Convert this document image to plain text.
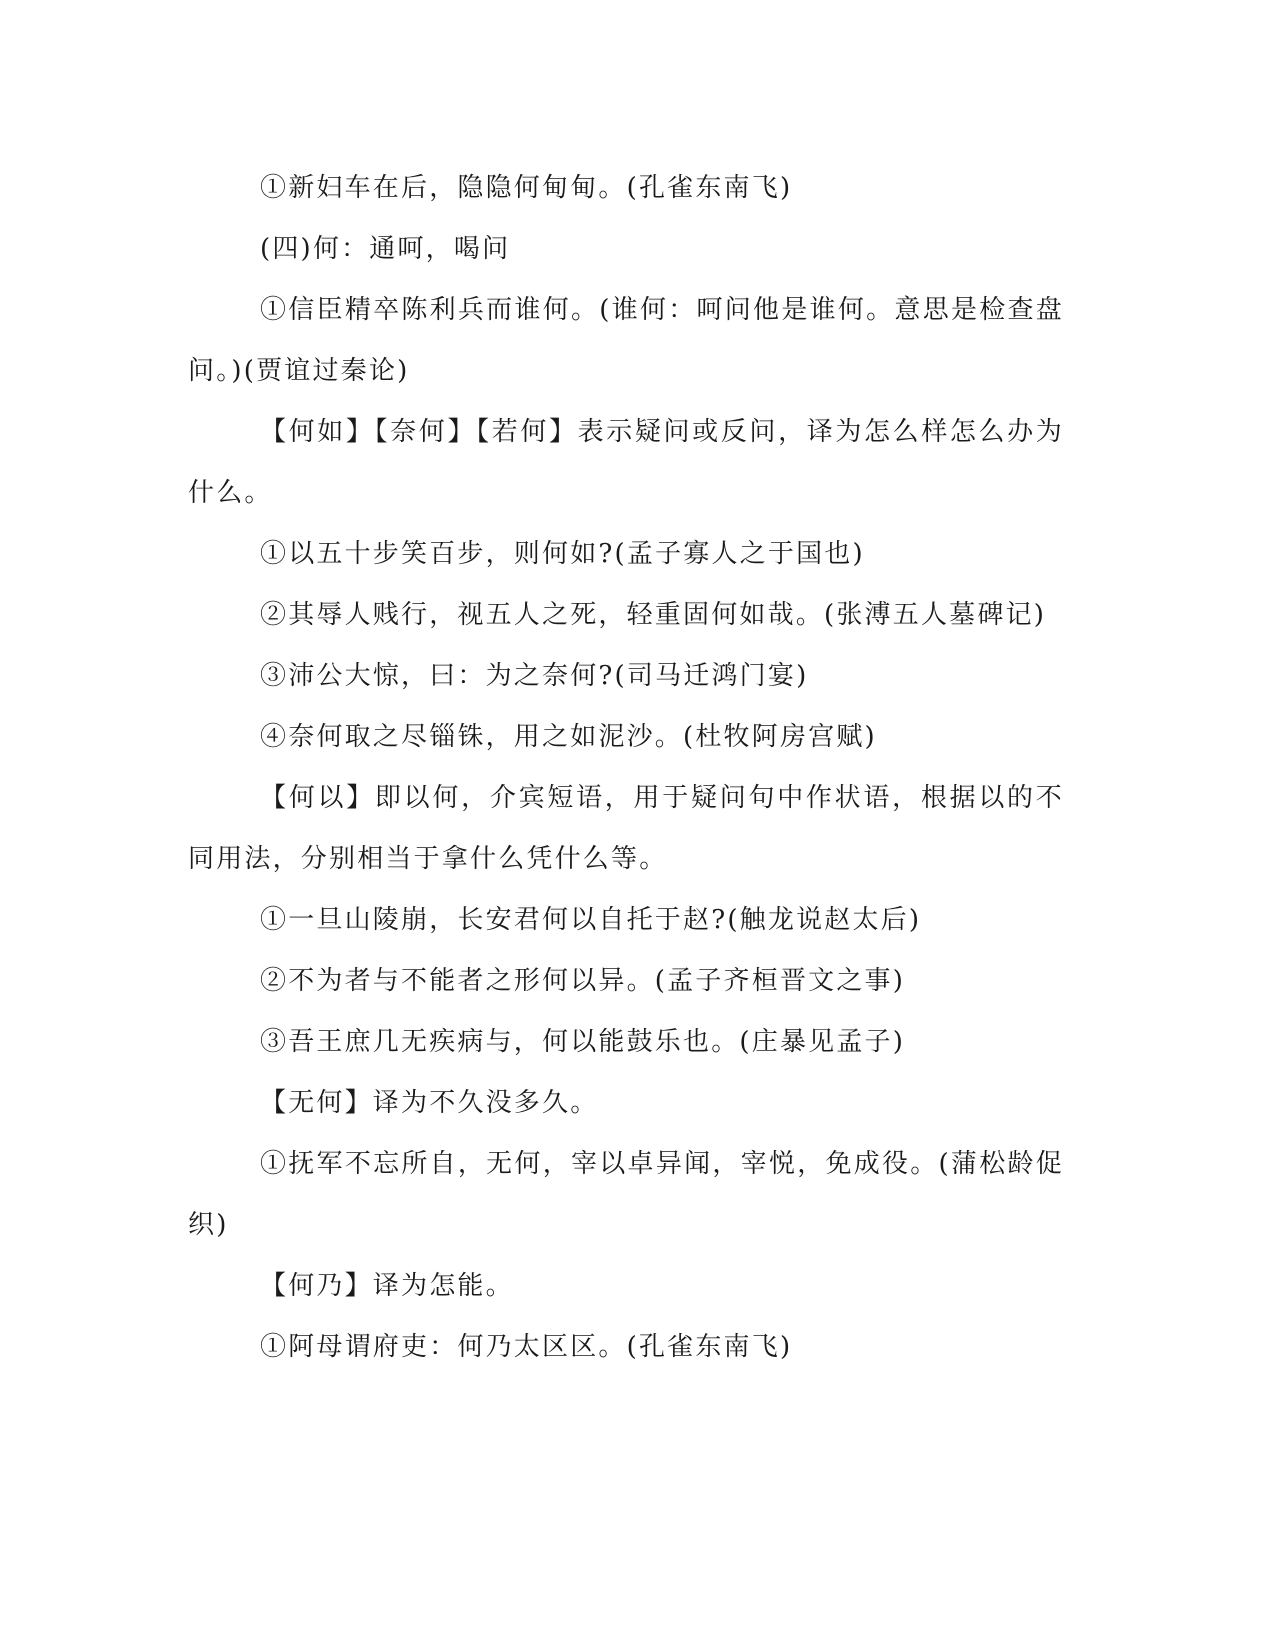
①新妇车在后，隐隐何甸甸。(孔雀东南飞)

(四)何：通呵，喝问

①信臣精卒陈利兵而谁何。(谁何：呵问他是谁何。意思是检查盘问。)(贾谊过秦论)

【何如】【奈何】【若何】表示疑问或反问，译为怎么样怎么办为什么。

①以五十步笑百步，则何如?(孟子寡人之于国也)

②其辱人贱行，视五人之死，轻重固何如哉。(张溥五人墓碑记)

③沛公大惊，曰：为之奈何?(司马迁鸿门宴)

④奈何取之尽锱铢，用之如泥沙。(杜牧阿房宫赋)

【何以】即以何，介宾短语，用于疑问句中作状语，根据以的不同用法，分别相当于拿什么凭什么等。

①一旦山陵崩，长安君何以自托于赵?(触龙说赵太后)

②不为者与不能者之形何以异。(孟子齐桓晋文之事)

③吾王庶几无疾病与，何以能鼓乐也。(庄暴见孟子)

【无何】译为不久没多久。

①抚军不忘所自，无何，宰以卓异闻，宰悦，免成役。(蒲松龄促织)

【何乃】译为怎能。

①阿母谓府吏：何乃太区区。(孔雀东南飞)
